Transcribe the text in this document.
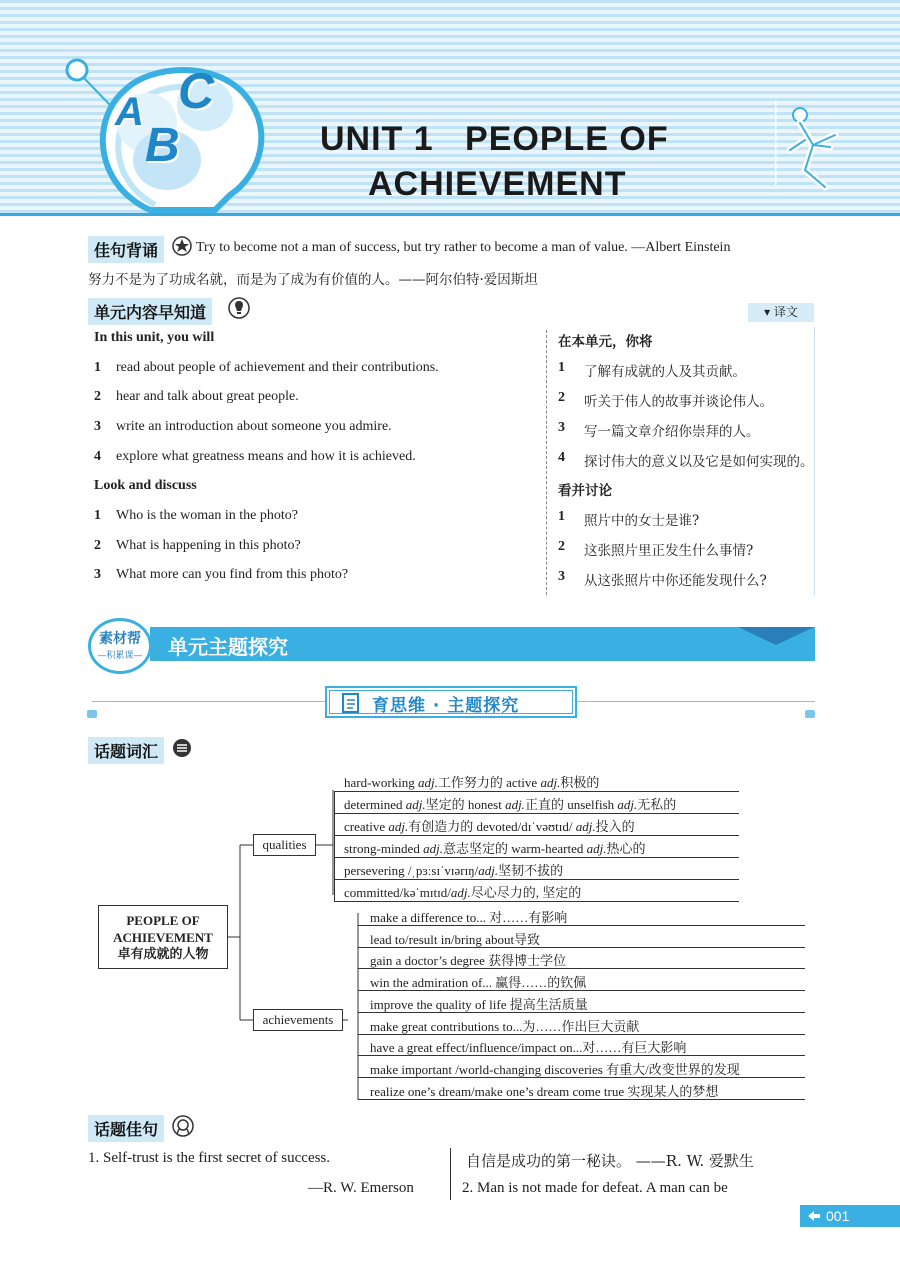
A
B
C
UNIT 1   PEOPLE OF
ACHIEVEMENT
佳句背诵	Try to become not a man of success, but try rather to become a man of value. —Albert Einstein
努力不是为了功成名就，而是为了成为有价值的人。——阿尔伯特·爱因斯坦
单元内容早知道	▾ 译文
In this unit, you will
1 read about people of achievement and their contributions.
2 hear and talk about great people.
3 write an introduction about someone you admire.
4 explore what greatness means and how it is achieved.
Look and discuss
1 Who is the woman in the photo?
2 What is happening in this photo?
3 What more can you find from this photo?
在本单元，你将
1 了解有成就的人及其贡献。
2 听关于伟人的故事并谈论伟人。
3 写一篇文章介绍你崇拜的人。
4 探讨伟大的意义以及它是如何实现的。
看并讨论
1 照片中的女士是谁?
2 这张照片里正发生什么事情?
3 从这张照片中你还能发现什么?
单元主题探究
素材帮
—积累课—
育思维 · 主题探究
话题词汇
PEOPLE OF
ACHIEVEMENT
卓有成就的人物
qualities
achievements
hard-working adj.工作努力的 active adj.积极的
determined adj.坚定的 honest adj.正直的 unselfish adj.无私的
creative adj.有创造力的 devoted/dɪˈvəʊtɪd/ adj.投入的
strong-minded adj.意志坚定的 warm-hearted adj.热心的
persevering /ˌpɜːsɪˈvɪərɪŋ/adj.坚韧不拔的
committed/kəˈmɪtɪd/adj.尽心尽力的, 坚定的
make a difference to... 对……有影响
lead to/result in/bring about导致
gain a doctor’s degree 获得博士学位
win the admiration of... 赢得……的钦佩
improve the quality of life 提高生活质量
make great contributions to...为……作出巨大贡献
have a great effect/influence/impact on...对……有巨大影响
make important /world-changing discoveries 有重大/改变世界的发现
realize one’s dream/make one’s dream come true 实现某人的梦想
话题佳句
1. Self-trust is the first secret of success.
—R. W. Emerson
自信是成功的第一秘诀。 ——R. W. 爱默生
2. Man is not made for defeat. A man can be
001
